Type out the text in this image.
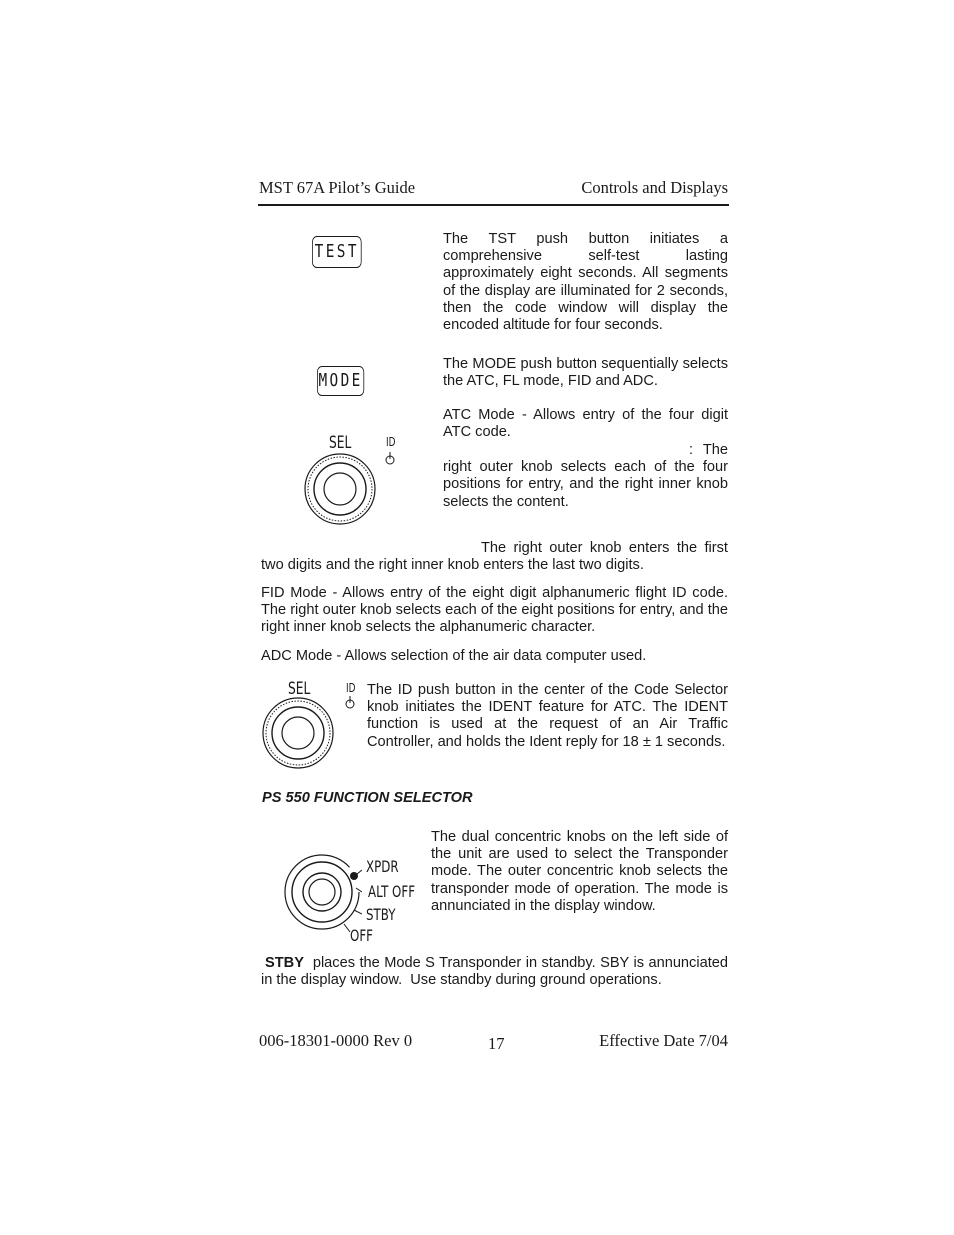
MST 67A Pilot’s Guide	Controls and Displays
TEST
The TST push button initiates a comprehensive self-test lasting approximately eight seconds. All segments of the display are illuminated for 2 seconds, then the code window will display the encoded altitude for four seconds.
MODE
The MODE push button sequentially selects the ATC, FL mode, FID and ADC.
ATC Mode - Allows entry of the four digit ATC code.
: The right outer knob selects each of the four positions for entry, and the right inner knob selects the content.
SEL	ID
The right outer knob enters the first two digits and the right inner knob enters the last two digits.
FID Mode - Allows entry of the eight digit alphanumeric flight ID code. The right outer knob selects each of the eight positions for entry, and the right inner knob selects the alphanumeric character.
ADC Mode - Allows selection of the air data computer used.
SEL	ID The ID push button in the center of the Code Selector knob initiates the IDENT feature for ATC. The IDENT function is used at the request of an Air Traffic Controller, and holds the Ident reply for 18 ± 1 seconds.
PS 550 FUNCTION SELECTOR
XPDR
ALT OFF
STBY
OFF
The dual concentric knobs on the left side of the unit are used to select the Transponder mode. The outer concentric knob selects the transponder mode of operation. The mode is annunciated in the display window.
STBY  places the Mode S Transponder in standby. SBY is annunciated in the display window.  Use standby during ground operations.
006-18301-0000 Rev 0	17	Effective Date 7/04
